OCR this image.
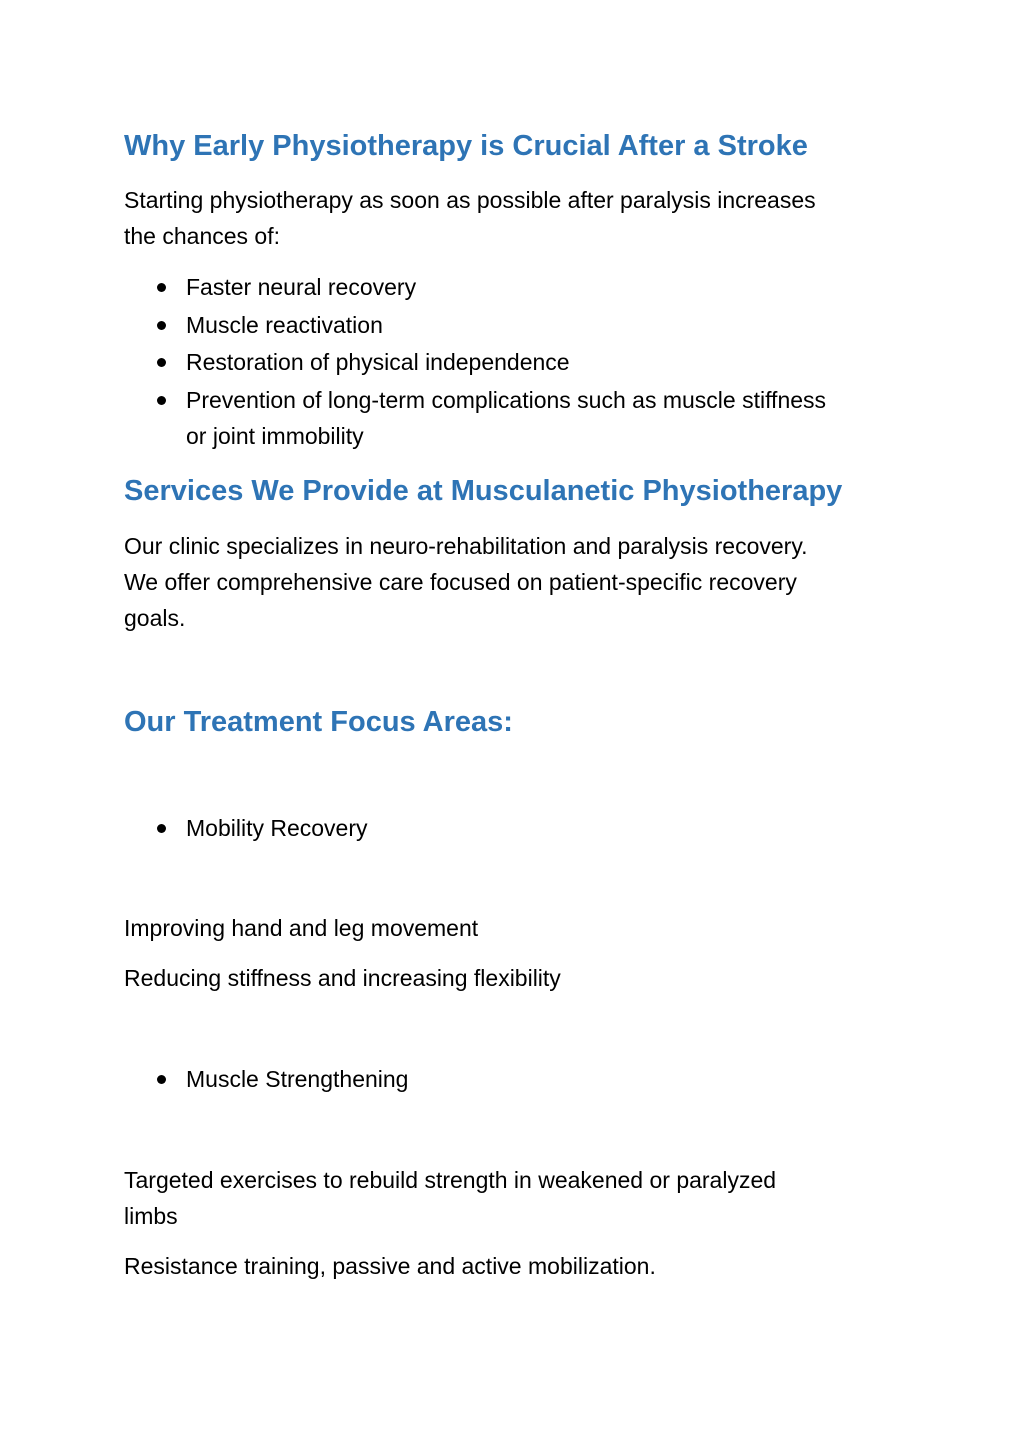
Why Early Physiotherapy is Crucial After a Stroke

Starting physiotherapy as soon as possible after paralysis increases

the chances of:

Faster neural recovery
Muscle reactivation
Restoration of physical independence
Prevention of long-term complications such as muscle stiffness
or joint immobility
Services We Provide at Musculanetic Physiotherapy

Our clinic specializes in neuro-rehabilitation and paralysis recovery.

We offer comprehensive care focused on patient-specific recovery

goals.

Our Treatment Focus Areas:
Mobility Recovery

Improving hand and leg movement

Reducing stiffness and increasing flexibility

Muscle Strengthening

Targeted exercises to rebuild strength in weakened or paralyzed

limbs

Resistance training, passive and active mobilization.
